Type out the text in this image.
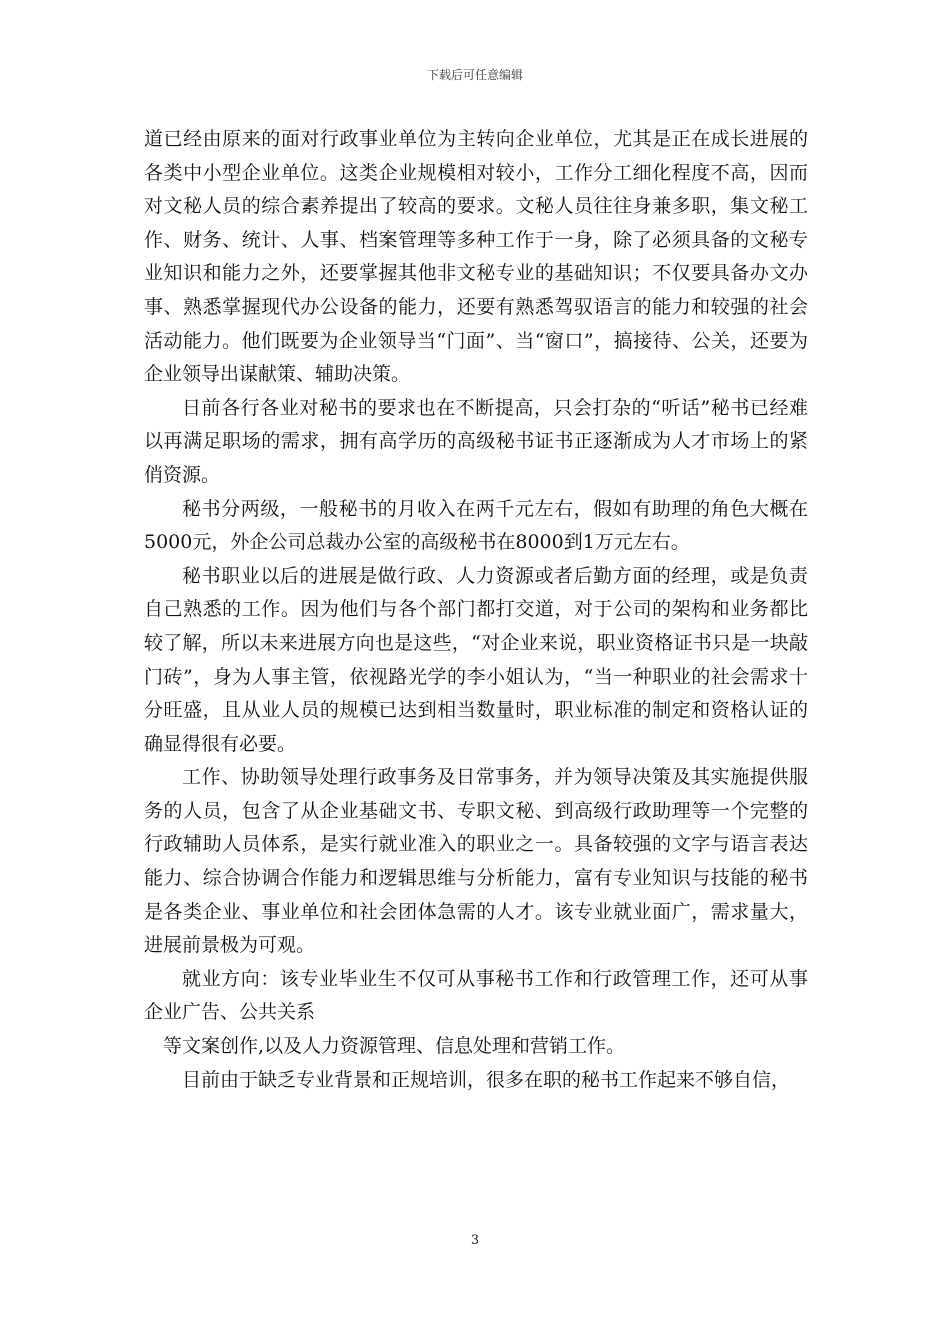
下载后可任意编辑

道已经由原来的面对行政事业单位为主转向企业单位，尤其是正在成长进展的各类中小型企业单位。这类企业规模相对较小，工作分工细化程度不高，因而对文秘人员的综合素养提出了较高的要求。文秘人员往往身兼多职，集文秘工作、财务、统计、人事、档案管理等多种工作于一身，除了必须具备的文秘专业知识和能力之外，还要掌握其他非文秘专业的基础知识；不仅要具备办文办事、熟悉掌握现代办公设备的能力，还要有熟悉驾驭语言的能力和较强的社会活动能力。他们既要为企业领导当“门面”、当“窗口”，搞接待、公关，还要为企业领导出谋献策、辅助决策。

日前各行各业对秘书的要求也在不断提高，只会打杂的“听话”秘书已经难以再满足职场的需求，拥有高学历的高级秘书证书正逐渐成为人才市场上的紧俏资源。

秘书分两级，一般秘书的月收入在两千元左右，假如有助理的角色大概在5000元，外企公司总裁办公室的高级秘书在8000到1万元左右。

秘书职业以后的进展是做行政、人力资源或者后勤方面的经理，或是负责自己熟悉的工作。因为他们与各个部门都打交道，对于公司的架构和业务都比较了解，所以未来进展方向也是这些，“对企业来说，职业资格证书只是一块敲门砖”，身为人事主管，依视路光学的李小姐认为，“当一种职业的社会需求十分旺盛，且从业人员的规模已达到相当数量时，职业标准的制定和资格认证的确显得很有必要。

工作、协助领导处理行政事务及日常事务，并为领导决策及其实施提供服务的人员，包含了从企业基础文书、专职文秘、到高级行政助理等一个完整的行政辅助人员体系，是实行就业准入的职业之一。具备较强的文字与语言表达能力、综合协调合作能力和逻辑思维与分析能力，富有专业知识与技能的秘书是各类企业、事业单位和社会团体急需的人才。该专业就业面广，需求量大，进展前景极为可观。

就业方向：该专业毕业生不仅可从事秘书工作和行政管理工作，还可从事企业广告、公共关系

等文案创作,以及人力资源管理、信息处理和营销工作。

目前由于缺乏专业背景和正规培训，很多在职的秘书工作起来不够自信，

3
